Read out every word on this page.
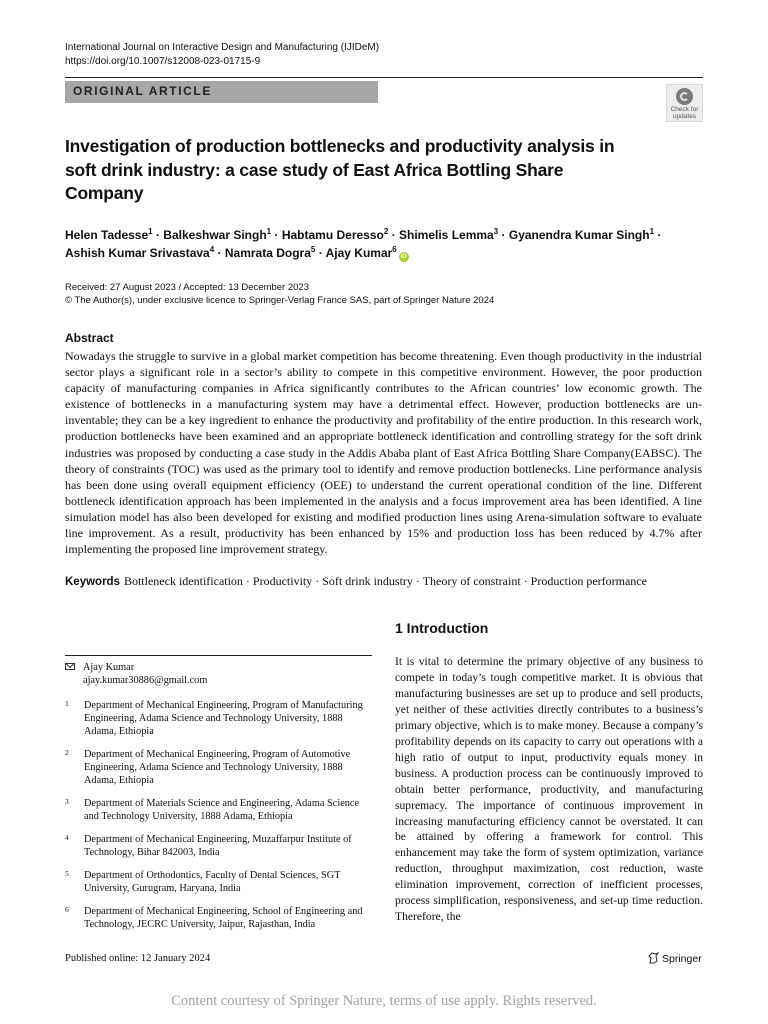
International Journal on Interactive Design and Manufacturing (IJIDeM)
https://doi.org/10.1007/s12008-023-01715-9
ORIGINAL ARTICLE
Check for
updates
Investigation of production bottlenecks and productivity analysis in soft drink industry: a case study of East Africa Bottling Share Company
Helen Tadesse$^1$ · Balkeshwar Singh$^1$ · Habtamu Deresso$^2$ · Shimelis Lemma$^3$ · Gyanendra Kumar Singh$^1$ ·
Ashish Kumar Srivastava$^4$ · Namrata Dogra$^5$ · Ajay Kumar$^6$iD
Received: 27 August 2023 / Accepted: 13 December 2023
© The Author(s), under exclusive licence to Springer-Verlag France SAS, part of Springer Nature 2024
Abstract

Nowadays the struggle to survive in a global market competition has become threatening. Even though productivity in the industrial sector plays a significant role in a sector’s ability to compete in this competitive environment. However, the poor production capacity of manufacturing companies in Africa significantly contributes to the African countries’ low economic growth. The existence of bottlenecks in a manufacturing system may have a detrimental effect. However, production bottlenecks are un-inventable; they can be a key ingredient to enhance the productivity and profitability of the entire production. In this research work, production bottlenecks have been examined and an appropriate bottleneck identification and controlling strategy for the soft drink industries was proposed by conducting a case study in the Addis Ababa plant of East Africa Bottling Share Company(EABSC). The theory of constraints (TOC) was used as the primary tool to identify and remove production bottlenecks. Line performance analysis has been done using overall equipment efficiency (OEE) to understand the current operational condition of the line. Different bottleneck identification approach has been implemented in the analysis and a focus improvement area has been identified. A line simulation model has also been developed for existing and modified production lines using Arena-simulation software to evaluate line improvement. As a result, productivity has been enhanced by 15% and production loss has been reduced by 4.7% after implementing the proposed line improvement strategy.

Keywords Bottleneck identification · Productivity · Soft drink industry · Theory of constraint · Production performance
1 Introduction

It is vital to determine the primary objective of any business to compete in today’s tough competitive market. It is obvious that manufacturing businesses are set up to produce and sell products, yet neither of these activities directly contributes to a business’s primary objective, which is to make money. Because a company’s profitability depends on its capacity to carry out operations with a high ratio of output to input, productivity equals money in business. A production process can be continuously improved to obtain better performance, productivity, and manufacturing supremacy. The importance of continuous improvement in increasing manufacturing efficiency cannot be overstated. It can be attained by offering a framework for control. This enhancement may take the form of system optimization, variance reduction, throughput maximization, cost reduction, waste elimination improvement, correction of inefficient processes, process simplification, responsiveness, and set-up time reduction. Therefore, the

Ajay Kumar
ajay.kumar30886@gmail.com
1 Department of Mechanical Engineering, Program of Manufacturing Engineering, Adama Science and Technology University, 1888 Adama, Ethiopia
2 Department of Mechanical Engineering, Program of Automotive Engineering, Adama Science and Technology University, 1888 Adama, Ethiopia
3 Department of Materials Science and Engineering, Adama Science and Technology University, 1888 Adama, Ethiopia
4 Department of Mechanical Engineering, Muzaffarpur Institute of Technology, Bihar 842003, India
5 Department of Orthodontics, Faculty of Dental Sciences, SGT University, Gurugram, Haryana, India
6 Department of Mechanical Engineering, School of Engineering and Technology, JECRC University, Jaipur, Rajasthan, India
Published online: 12 January 2024	Springer
Content courtesy of Springer Nature, terms of use apply. Rights reserved.
